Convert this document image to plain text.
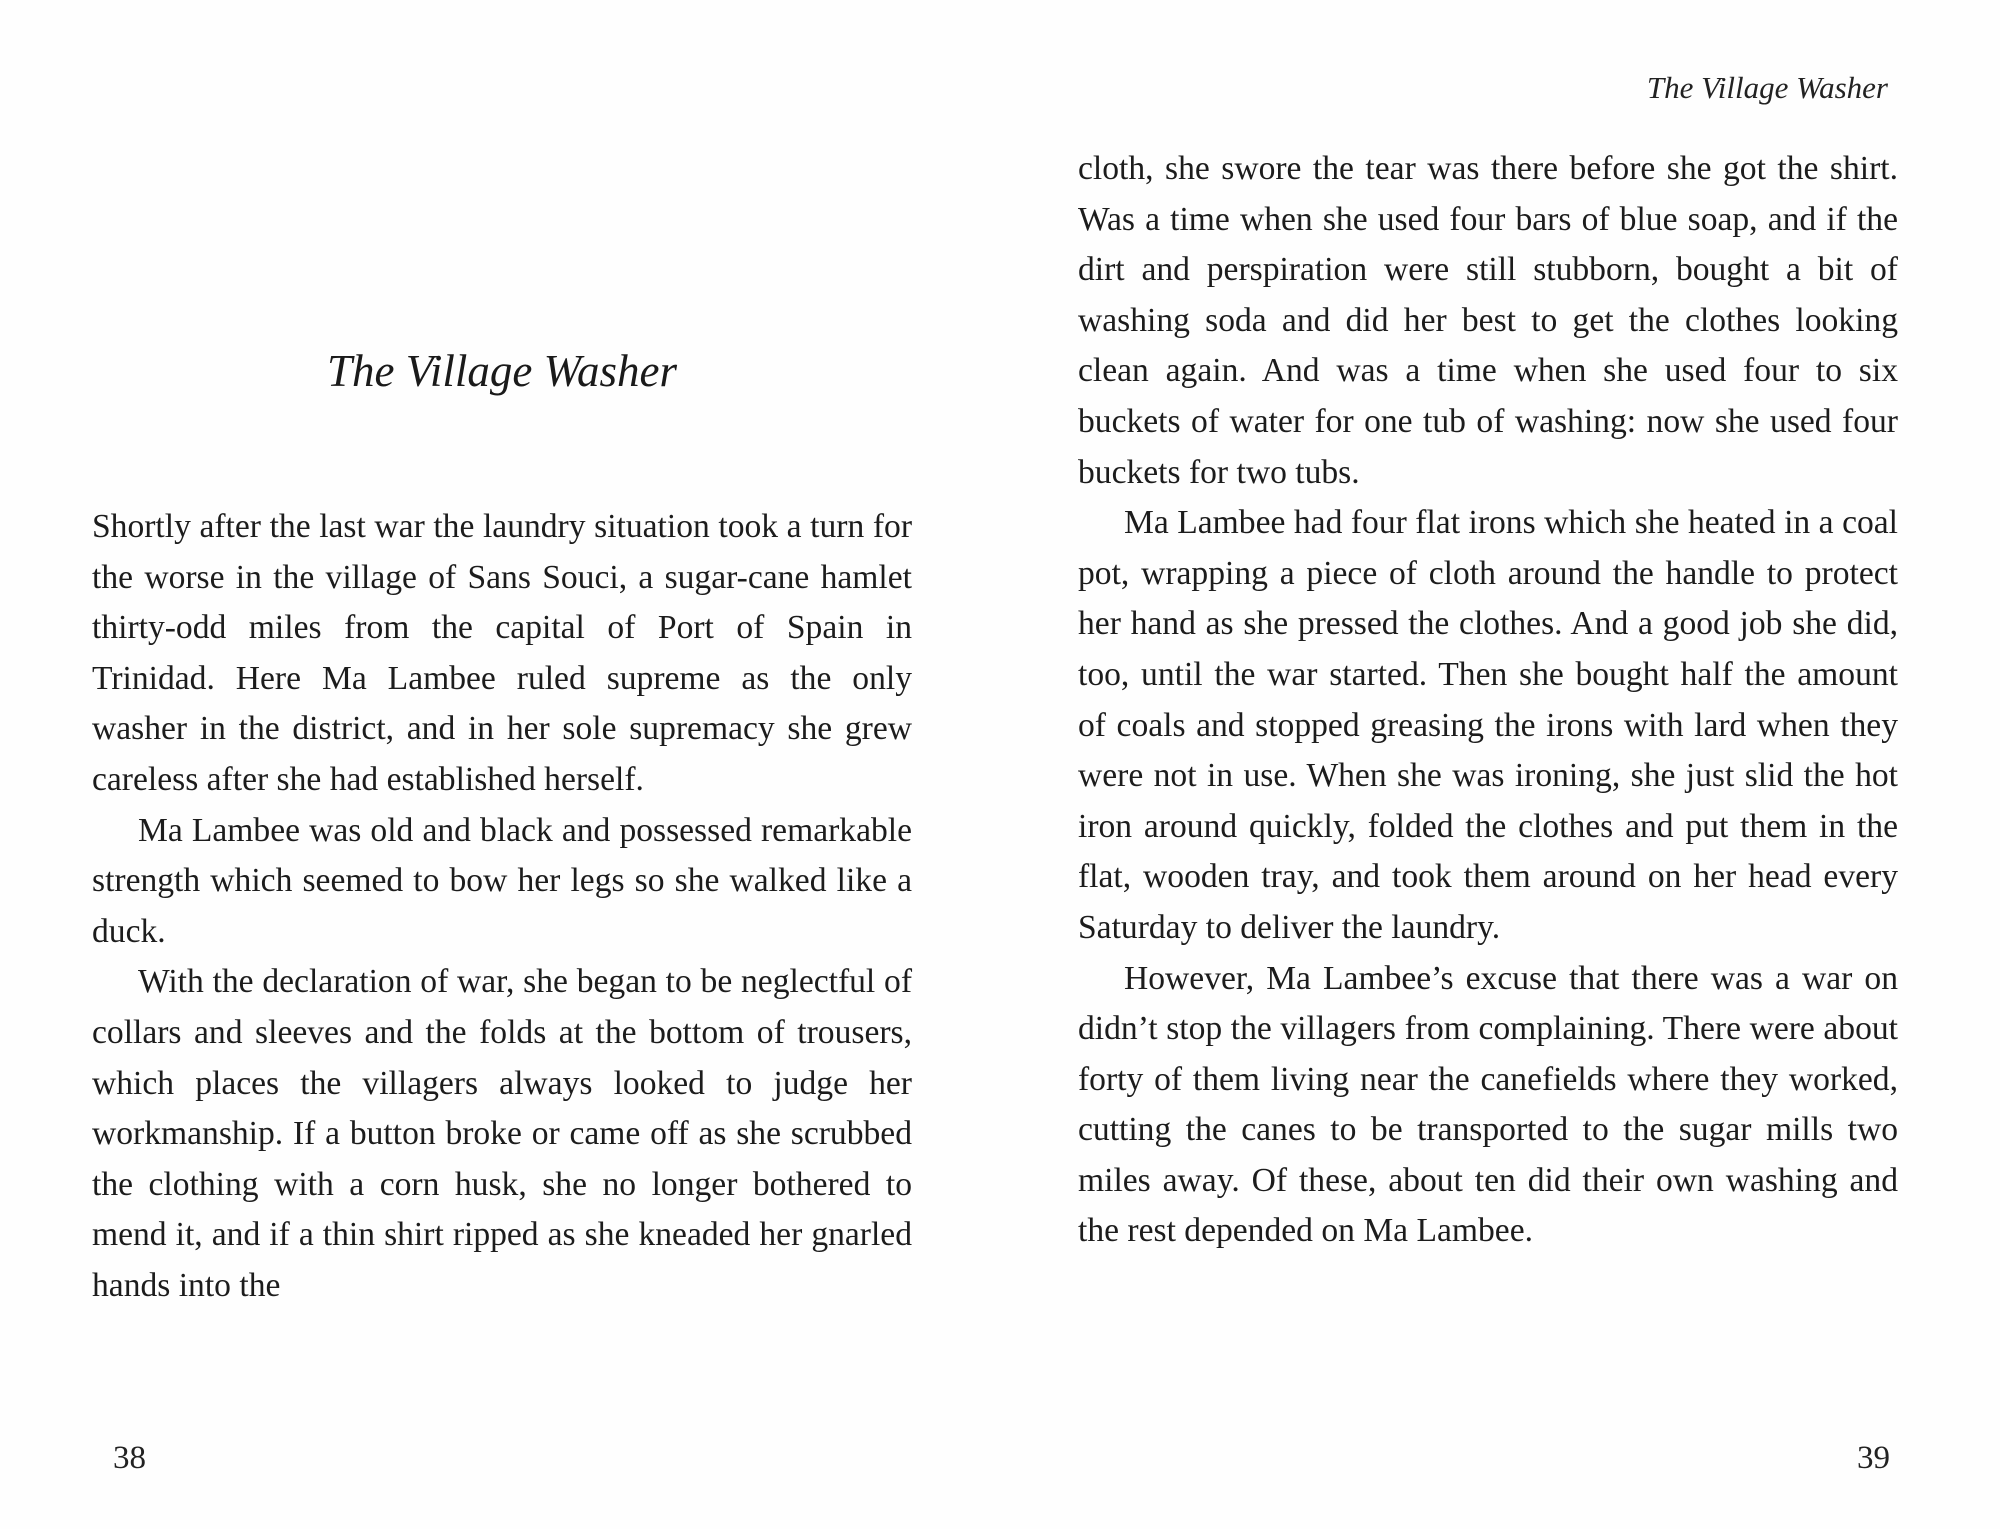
The Village Washer

Shortly after the last war the laundry situation took a turn for the worse in the village of Sans Souci, a sugar-cane hamlet thirty-odd miles from the capital of Port of Spain in Trinidad. Here Ma Lambee ruled supreme as the only washer in the district, and in her sole supremacy she grew careless after she had established herself.

Ma Lambee was old and black and possessed remarkable strength which seemed to bow her legs so she walked like a duck.

With the declaration of war, she began to be neglectful of collars and sleeves and the folds at the bottom of trousers, which places the villagers always looked to judge her workmanship. If a button broke or came off as she scrubbed the clothing with a corn husk, she no longer bothered to mend it, and if a thin shirt ripped as she kneaded her gnarled hands into the

38
The Village Washer

cloth, she swore the tear was there before she got the shirt. Was a time when she used four bars of blue soap, and if the dirt and perspiration were still stubborn, bought a bit of washing soda and did her best to get the clothes looking clean again. And was a time when she used four to six buckets of water for one tub of washing: now she used four buckets for two tubs.

Ma Lambee had four flat irons which she heated in a coal pot, wrapping a piece of cloth around the handle to protect her hand as she pressed the clothes. And a good job she did, too, until the war started. Then she bought half the amount of coals and stopped greasing the irons with lard when they were not in use. When she was ironing, she just slid the hot iron around quickly, folded the clothes and put them in the flat, wooden tray, and took them around on her head every Saturday to deliver the laundry.

However, Ma Lambee’s excuse that there was a war on didn’t stop the villagers from complaining. There were about forty of them living near the canefields where they worked, cutting the canes to be transported to the sugar mills two miles away. Of these, about ten did their own washing and the rest depended on Ma Lambee.

39
